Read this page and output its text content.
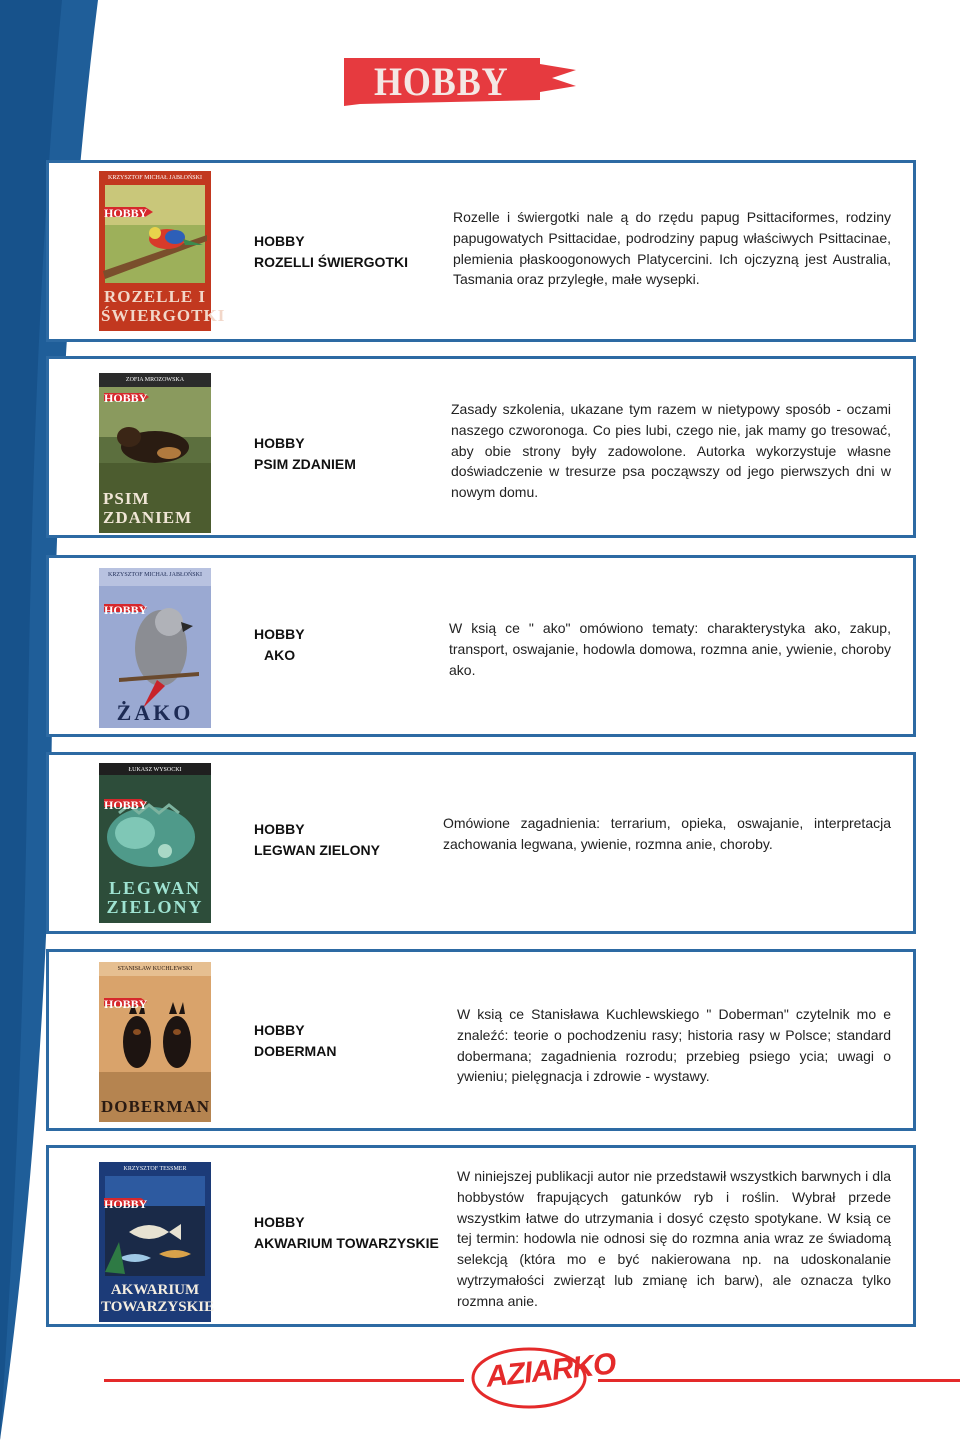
HOBBY
KRZYSZTOF MICHAŁ JABŁOŃSKI
HOBBY
ROZELLE I
ŚWIERGOTKI
HOBBY
ROZELLI ŚWIERGOTKI
Rozelle i świergotki nale ą do rzędu papug Psittaciformes, rodziny papugowatych Psittacidae, podrodziny papug właściwych Psittacinae, plemienia płaskoogonowych Platycercini. Ich ojczyzną jest Australia, Tasmania oraz przyległe, małe wysepki.
ZOFIA MROZOWSKA
HOBBY
PSIM
ZDANIEM
HOBBY
PSIM ZDANIEM
Zasady szkolenia, ukazane tym razem w nietypowy sposób - oczami naszego czworonoga. Co pies lubi, czego nie, jak mamy go tresować, aby obie strony były zadowolone. Autorka wykorzystuje własne doświadczenie w tresurze psa począwszy od jego pierwszych dni w nowym domu.
KRZYSZTOF MICHAŁ JABŁOŃSKI
HOBBY
ŻAKO
HOBBY
AKO
W ksią ce " ako" omówiono tematy: charakterystyka ako, zakup, transport, oswajanie, hodowla domowa, rozmna anie, ywienie, choroby ako.
ŁUKASZ WYSOCKI
HOBBY
LEGWAN
ZIELONY
HOBBY
LEGWAN ZIELONY
Omówione zagadnienia: terrarium, opieka, oswajanie, interpretacja zachowania legwana, ywienie, rozmna anie, choroby.
STANISŁAW KUCHLEWSKI
HOBBY
DOBERMAN
HOBBY
DOBERMAN
W ksią ce Stanisława Kuchlewskiego " Doberman" czytelnik mo e znaleźć: teorie o pochodzeniu rasy; historia rasy w Polsce; standard dobermana; zagadnienia rozrodu; przebieg psiego ycia; uwagi o ywieniu; pielęgnacja i zdrowie - wystawy.
KRZYSZTOF TESSMER
HOBBY
AKWARIUM
TOWARZYSKIE
HOBBY
AKWARIUM TOWARZYSKIE
W niniejszej publikacji autor nie przedstawił wszystkich barwnych i dla hobbystów frapujących gatunków ryb i roślin. Wybrał przede wszystkim łatwe do utrzymania i dosyć często spotykane. W ksią ce tej termin: hodowla nie odnosi się do rozmna ania wraz ze świadomą selekcją (która mo e być nakierowana np. na udoskonalanie wytrzymałości zwierząt lub zmianę ich barw), ale oznacza tylko rozmna anie.
AZIARKO
